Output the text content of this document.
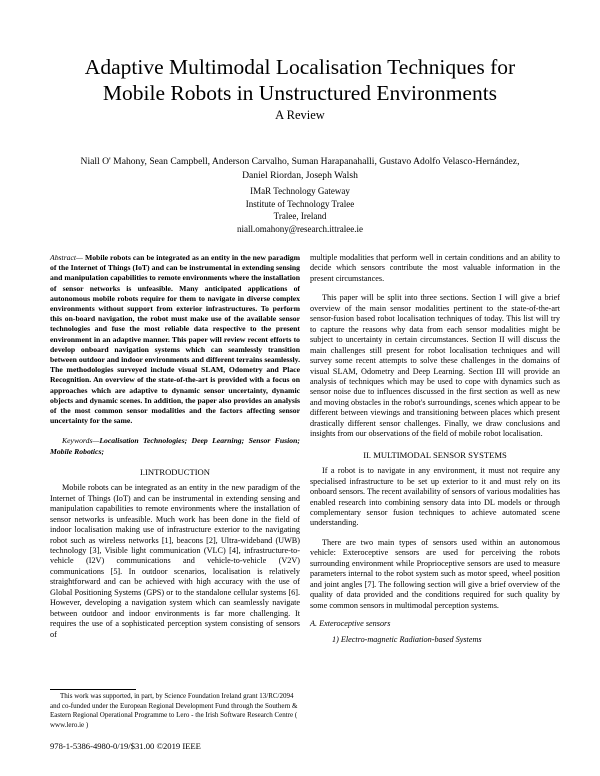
Adaptive Multimodal Localisation Techniques for
Mobile Robots in Unstructured Environments
A Review
Niall O' Mahony, Sean Campbell, Anderson Carvalho, Suman Harapanahalli, Gustavo Adolfo Velasco-Hernández,
Daniel Riordan, Joseph Walsh
IMaR Technology Gateway
Institute of Technology Tralee
Tralee, Ireland
niall.omahony@research.ittralee.ie

Abstract— Mobile robots can be integrated as an entity in the new paradigm of the Internet of Things (IoT) and can be instrumental in extending sensing and manipulation capabilities to remote environments where the installation of sensor networks is unfeasible. Many anticipated applications of autonomous mobile robots require for them to navigate in diverse complex environments without support from exterior infrastructures. To perform this on-board navigation, the robot must make use of the available sensor technologies and fuse the most reliable data respective to the present environment in an adaptive manner. This paper will review recent efforts to develop onboard navigation systems which can seamlessly transition between outdoor and indoor environments and different terrains seamlessly. The methodologies surveyed include visual SLAM, Odometry and Place Recognition. An overview of the state-of-the-art is provided with a focus on approaches which are adaptive to dynamic sensor uncertainty, dynamic objects and dynamic scenes. In addition, the paper also provides an analysis of the most common sensor modalities and the factors affecting sensor uncertainty for the same.

Keywords—Localisation Technologies; Deep Learning; Sensor Fusion; Mobile Robotics;

I.INTRODUCTION

Mobile robots can be integrated as an entity in the new paradigm of the Internet of Things (IoT) and can be instrumental in extending sensing and manipulation capabilities to remote environments where the installation of sensor networks is unfeasible. Much work has been done in the field of indoor localisation making use of infrastructure exterior to the navigating robot such as wireless networks [1], beacons [2], Ultra-wideband (UWB) technology [3], Visible light communication (VLC) [4], infrastructure-to-vehicle (I2V) communications and vehicle-to-vehicle (V2V) communications [5]. In outdoor scenarios, localisation is relatively straightforward and can be achieved with high accuracy with the use of Global Positioning Systems (GPS) or to the standalone cellular systems [6]. However, developing a navigation system which can seamlessly navigate between outdoor and indoor environments is far more challenging. It requires the use of a sophisticated perception system consisting of sensors of

multiple modalities that perform well in certain conditions and an ability to decide which sensors contribute the most valuable information in the present circumstances.

This paper will be split into three sections. Section I will give a brief overview of the main sensor modalities pertinent to the state-of-the-art sensor-fusion based robot localisation techniques of today. This list will try to capture the reasons why data from each sensor modalities might be subject to uncertainty in certain circumstances. Section II will discuss the main challenges still present for robot localisation techniques and will survey some recent attempts to solve these challenges in the domains of visual SLAM, Odometry and Deep Learning. Section III will provide an analysis of techniques which may be used to cope with dynamics such as sensor noise due to influences discussed in the first section as well as new and moving obstacles in the robot's surroundings, scenes which appear to be different between viewings and transitioning between places which present drastically different sensor challenges. Finally, we draw conclusions and insights from our observations of the field of mobile robot localisation.

II. MULTIMODAL SENSOR SYSTEMS

If a robot is to navigate in any environment, it must not require any specialised infrastructure to be set up exterior to it and must rely on its onboard sensors. The recent availability of sensors of various modalities has enabled research into combining sensory data into DL models or through complementary sensor fusion techniques to achieve automated scene understanding.

There are two main types of sensors used within an autonomous vehicle: Exteroceptive sensors are used for perceiving the robots surrounding environment while Proprioceptive sensors are used to measure parameters internal to the robot system such as motor speed, wheel position and joint angles [7]. The following section will give a brief overview of the quality of data provided and the conditions required for such quality by some common sensors in multimodal perception systems.

A. Exteroceptive sensors

1) Electro-magnetic Radiation-based Systems

This work was supported, in part, by Science Foundation Ireland grant 13/RC/2094 and co-funded under the European Regional Development Fund through the Southern & Eastern Regional Operational Programme to Lero - the Irish Software Research Centre ( www.lero.ie )
978-1-5386-4980-0/19/$31.00 ©2019 IEEE
